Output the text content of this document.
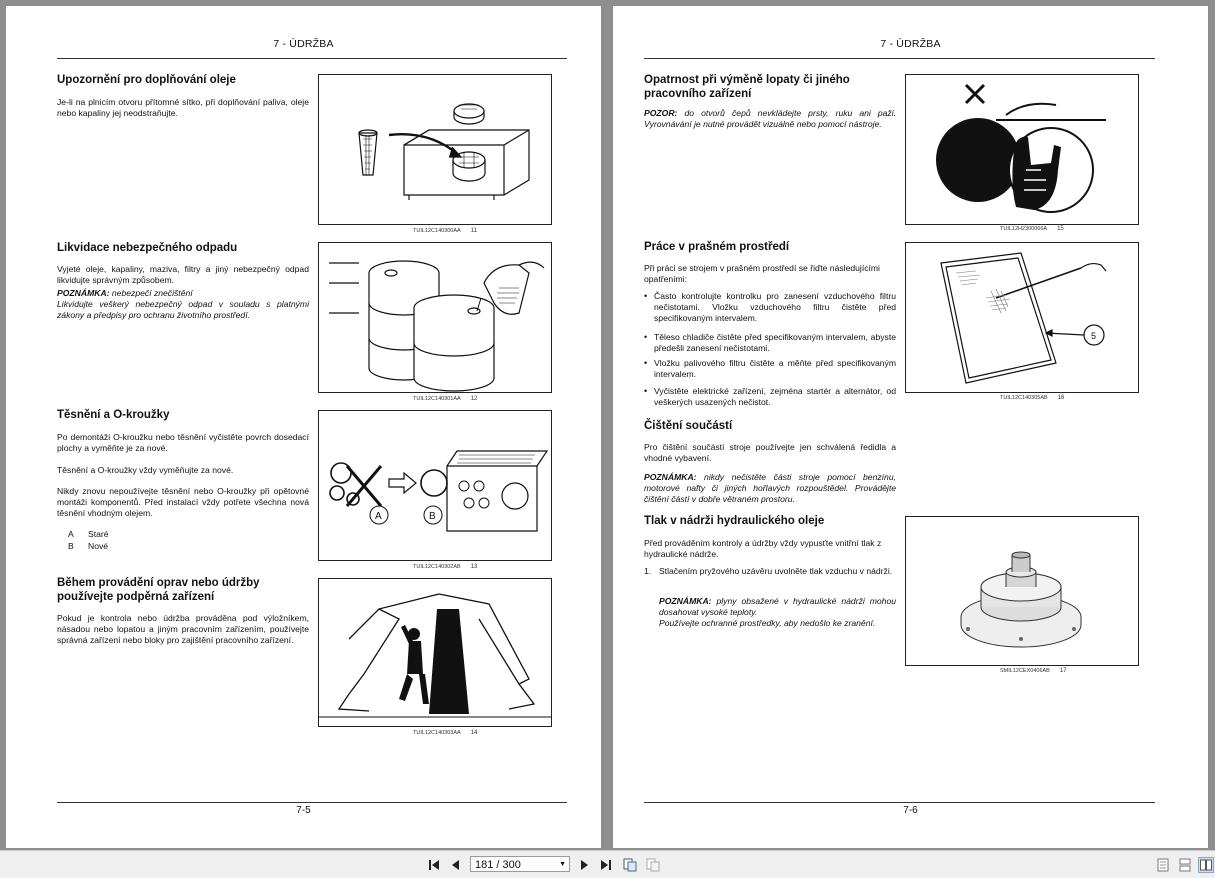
7 - ÚDRŽBA
Upozornění pro doplňování oleje

Je-li na plnicím otvoru přítomné sítko, při doplňování paliva, oleje nebo kapaliny jej neodstraňujte.

TUIL12C140300AA 11
Likvidace nebezpečného odpadu

Vyjeté oleje, kapaliny, maziva, filtry a jiný nebezpečný odpad likvidujte správným způsobem.

POZNÁMKA: nebezpečí znečištění

Likvidujte veškerý nebezpečný odpad v souladu s platnými zákony a předpisy pro ochranu životního prostředí.

TUIL12C140301AA 12
Těsnění a O-kroužky

Po demontáži O-kroužku nebo těsnění vyčistěte povrch dosedací plochy a vyměňte je za nové.

Těsnění a O-kroužky vždy vyměňujte za nové.

Nikdy znovu nepoužívejte těsnění nebo O-kroužky při opětovné montáži komponentů. Před instalací vždy potřete všechna nová těsnění vhodným olejem.

A Staré
B Nové
A	B
TUIL12C140302AB 13
Během provádění oprav nebo údržby používejte podpěrná zařízení

Pokud je kontrola nebo údržba prováděna pod výložníkem, násadou nebo lopatou a jiným pracovním zařízením, používejte správná zařízení nebo bloky pro zajištění pracovního zařízení.

TUIL12C140303AA 14
7-5
7 - ÚDRŽBA
Opatrnost při výměně lopaty či jiného pracovního zařízení

POZOR: do otvorů čepů nevkládejte prsty, ruku ani paži. Vyrovnávání je nutné provádět vizuálně nebo pomocí nástroje.

TUIL12H2300066A 15
Práce v prašném prostředí

Při práci se strojem v prašném prostředí se řiďte následujícími opatřeními:

• Často kontrolujte kontrolku pro zanesení vzduchového filtru nečistotami. Vložku vzduchového filtru čistěte před specifikovaným intervalem.
• Těleso chladiče čistěte před specifikovaným intervalem, abyste předešli zanesení nečistotami.
• Vložku palivového filtru čistěte a měňte před specifikovaným intervalem.
• Vyčistěte elektrické zařízení, zejména startér a alternátor, od veškerých usazených nečistot.
5
TUIL12C140305AB 16
Čištění součástí

Pro čištění součástí stroje používejte jen schválená ředidla a vhodné vybavení.

POZNÁMKA: nikdy nečistěte části stroje pomocí benzínu, motorové nafty či jiných hořlavých rozpouštědel. Provádějte čištění částí v dobře větraném prostoru.

Tlak v nádrži hydraulického oleje

Před prováděním kontroly a údržby vždy vypusťte vnitřní tlak z hydraulické nádrže.

1. Stlačením pryžového uzávěru uvolněte tlak vzduchu v nádrži.

POZNÁMKA: plyny obsažené v hydraulické nádrži mohou dosahovat vysoké teploty.

Používejte ochranné prostředky, aby nedošlo ke zranění.

SMIL12CEX0406AB 17
7-6
181 / 300	▼
